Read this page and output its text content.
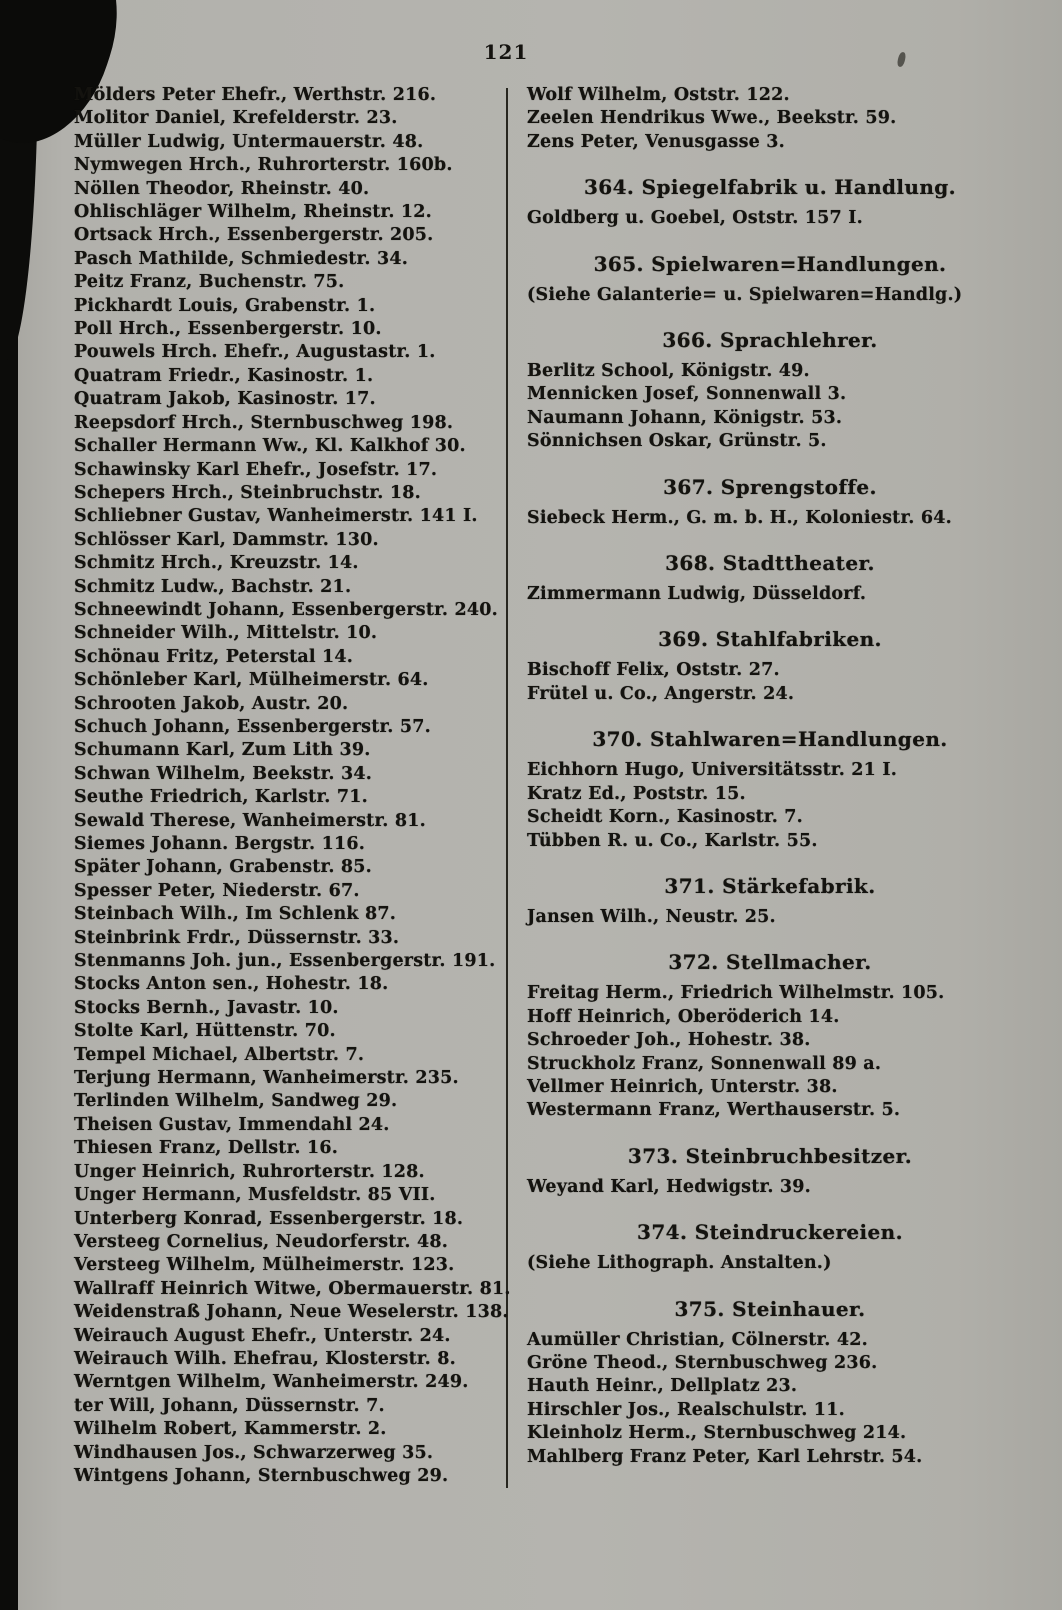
121
Mölders Peter Ehefr., Werthstr. 216.
Molitor Daniel, Krefelderstr. 23.
Müller Ludwig, Untermauerstr. 48.
Nymwegen Hrch., Ruhrorterstr. 160b.
Nöllen Theodor, Rheinstr. 40.
Ohlischläger Wilhelm, Rheinstr. 12.
Ortsack Hrch., Essenbergerstr. 205.
Pasch Mathilde, Schmiedestr. 34.
Peitz Franz, Buchenstr. 75.
Pickhardt Louis, Grabenstr. 1.
Poll Hrch., Essenbergerstr. 10.
Pouwels Hrch. Ehefr., Augustastr. 1.
Quatram Friedr., Kasinostr. 1.
Quatram Jakob, Kasinostr. 17.
Reepsdorf Hrch., Sternbuschweg 198.
Schaller Hermann Ww., Kl. Kalkhof 30.
Schawinsky Karl Ehefr., Josefstr. 17.
Schepers Hrch., Steinbruchstr. 18.
Schliebner Gustav, Wanheimerstr. 141 I.
Schlösser Karl, Dammstr. 130.
Schmitz Hrch., Kreuzstr. 14.
Schmitz Ludw., Bachstr. 21.
Schneewindt Johann, Essenbergerstr. 240.
Schneider Wilh., Mittelstr. 10.
Schönau Fritz, Peterstal 14.
Schönleber Karl, Mülheimerstr. 64.
Schrooten Jakob, Austr. 20.
Schuch Johann, Essenbergerstr. 57.
Schumann Karl, Zum Lith 39.
Schwan Wilhelm, Beekstr. 34.
Seuthe Friedrich, Karlstr. 71.
Sewald Therese, Wanheimerstr. 81.
Siemes Johann. Bergstr. 116.
Später Johann, Grabenstr. 85.
Spesser Peter, Niederstr. 67.
Steinbach Wilh., Im Schlenk 87.
Steinbrink Frdr., Düssernstr. 33.
Stenmanns Joh. jun., Essenbergerstr. 191.
Stocks Anton sen., Hohestr. 18.
Stocks Bernh., Javastr. 10.
Stolte Karl, Hüttenstr. 70.
Tempel Michael, Albertstr. 7.
Terjung Hermann, Wanheimerstr. 235.
Terlinden Wilhelm, Sandweg 29.
Theisen Gustav, Immendahl 24.
Thiesen Franz, Dellstr. 16.
Unger Heinrich, Ruhrorterstr. 128.
Unger Hermann, Musfeldstr. 85 VII.
Unterberg Konrad, Essenbergerstr. 18.
Versteeg Cornelius, Neudorferstr. 48.
Versteeg Wilhelm, Mülheimerstr. 123.
Wallraff Heinrich Witwe, Obermauerstr. 81.
Weidenstraß Johann, Neue Weselerstr. 138.
Weirauch August Ehefr., Unterstr. 24.
Weirauch Wilh. Ehefrau, Klosterstr. 8.
Werntgen Wilhelm, Wanheimerstr. 249.
ter Will, Johann, Düssernstr. 7.
Wilhelm Robert, Kammerstr. 2.
Windhausen Jos., Schwarzerweg 35.
Wintgens Johann, Sternbuschweg 29.
Wolf Wilhelm, Oststr. 122.
Zeelen Hendrikus Wwe., Beekstr. 59.
Zens Peter, Venusgasse 3.
364. Spiegelfabrik u. Handlung.
Goldberg u. Goebel, Oststr. 157 I.
365. Spielwaren=Handlungen.
(Siehe Galanterie= u. Spielwaren=Handlg.)
366. Sprachlehrer.
Berlitz School, Königstr. 49.
Mennicken Josef, Sonnenwall 3.
Naumann Johann, Königstr. 53.
Sönnichsen Oskar, Grünstr. 5.
367. Sprengstoffe.
Siebeck Herm., G. m. b. H., Koloniestr. 64.
368. Stadttheater.
Zimmermann Ludwig, Düsseldorf.
369. Stahlfabriken.
Bischoff Felix, Oststr. 27.
Frütel u. Co., Angerstr. 24.
370. Stahlwaren=Handlungen.
Eichhorn Hugo, Universitätsstr. 21 I.
Kratz Ed., Poststr. 15.
Scheidt Korn., Kasinostr. 7.
Tübben R. u. Co., Karlstr. 55.
371. Stärkefabrik.
Jansen Wilh., Neustr. 25.
372. Stellmacher.
Freitag Herm., Friedrich Wilhelmstr. 105.
Hoff Heinrich, Oberöderich 14.
Schroeder Joh., Hohestr. 38.
Struckholz Franz, Sonnenwall 89 a.
Vellmer Heinrich, Unterstr. 38.
Westermann Franz, Werthauserstr. 5.
373. Steinbruchbesitzer.
Weyand Karl, Hedwigstr. 39.
374. Steindruckereien.
(Siehe Lithograph. Anstalten.)
375. Steinhauer.
Aumüller Christian, Cölnerstr. 42.
Gröne Theod., Sternbuschweg 236.
Hauth Heinr., Dellplatz 23.
Hirschler Jos., Realschulstr. 11.
Kleinholz Herm., Sternbuschweg 214.
Mahlberg Franz Peter, Karl Lehrstr. 54.
